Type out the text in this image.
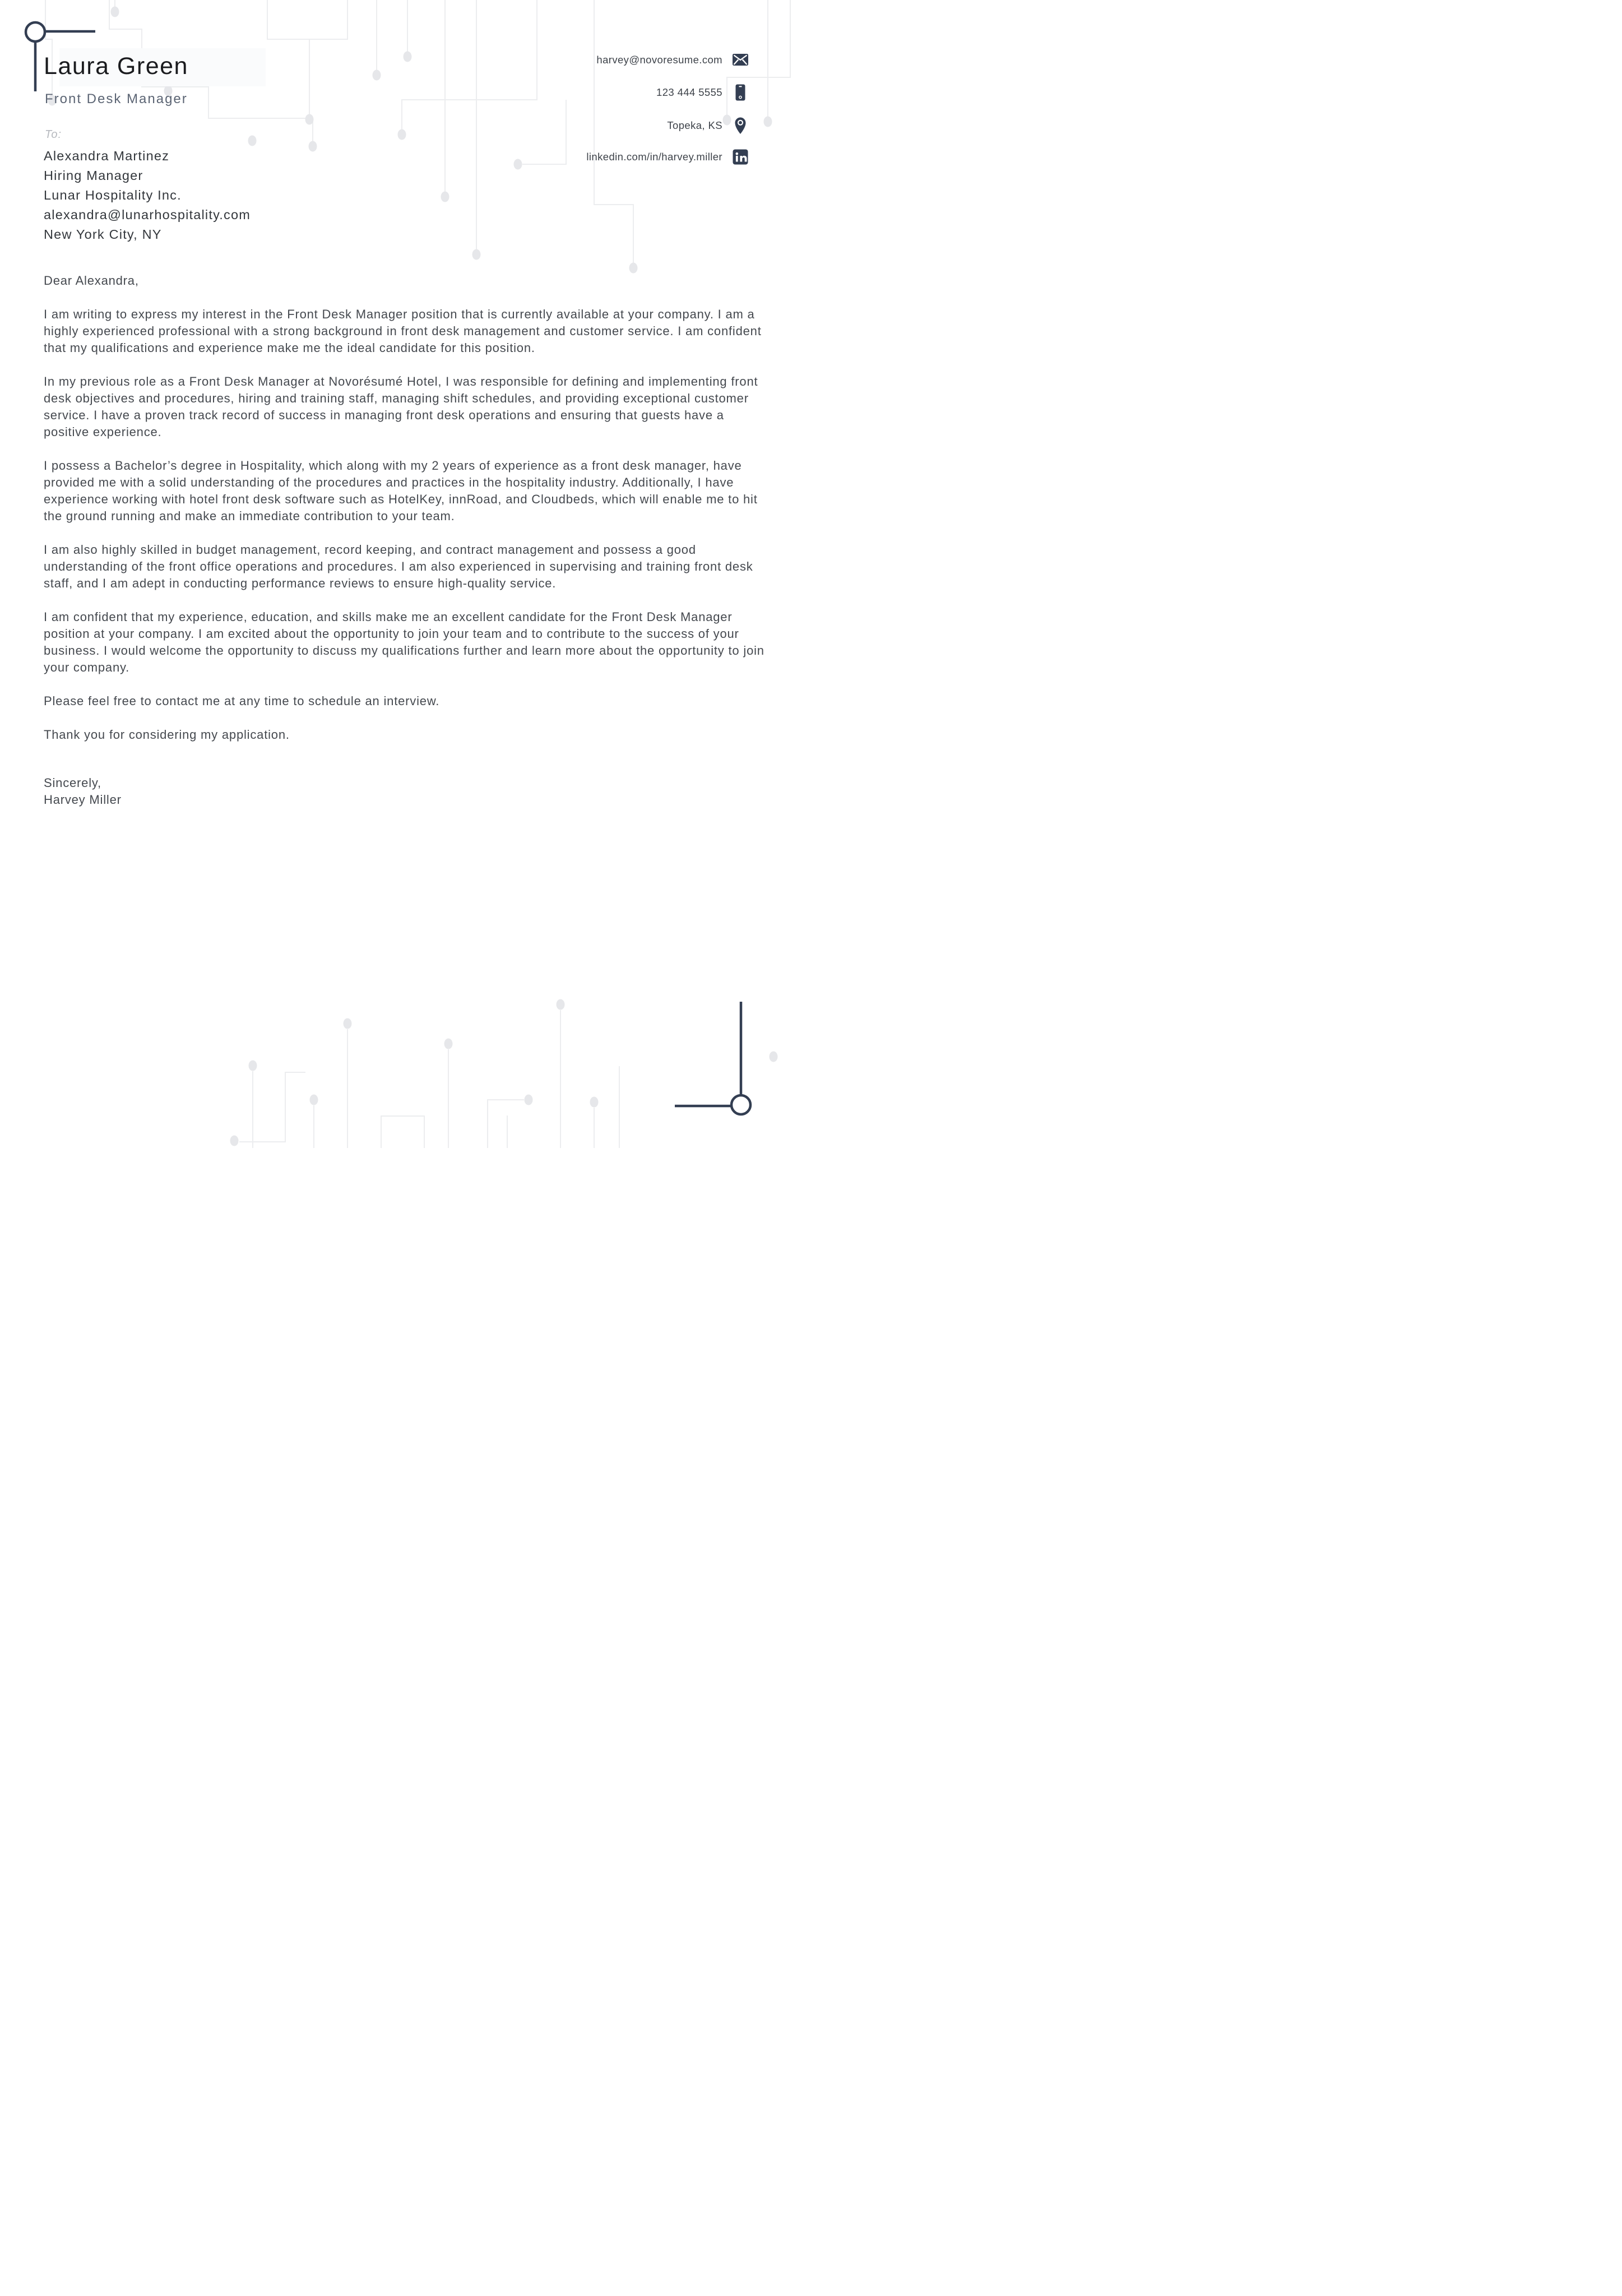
Laura Green
Front Desk Manager
harvey@novoresume.com
123 444 5555
Topeka, KS
linkedin.com/in/harvey.miller
To:
Alexandra Martinez
Hiring Manager
Lunar Hospitality Inc.
alexandra@lunarhospitality.com
New York City, NY

Dear Alexandra,

I am writing to express my interest in the Front Desk Manager position that is currently available at your company. I am a highly experienced professional with a strong background in front desk management and customer service. I am confident that my qualifications and experience make me the ideal candidate for this position.

In my previous role as a Front Desk Manager at Novorésumé Hotel, I was responsible for defining and implementing front desk objectives and procedures, hiring and training staff, managing shift schedules, and providing exceptional customer service. I have a proven track record of success in managing front desk operations and ensuring that guests have a positive experience.

I possess a Bachelor’s degree in Hospitality, which along with my 2 years of experience as a front desk manager, have provided me with a solid understanding of the procedures and practices in the hospitality industry. Additionally, I have experience working with hotel front desk software such as HotelKey, innRoad, and Cloudbeds, which will enable me to hit the ground running and make an immediate contribution to your team.

I am also highly skilled in budget management, record keeping, and contract management and possess a good understanding of the front office operations and procedures. I am also experienced in supervising and training front desk staff, and I am adept in conducting performance reviews to ensure high-quality service.

I am confident that my experience, education, and skills make me an excellent candidate for the Front Desk Manager position at your company. I am excited about the opportunity to join your team and to contribute to the success of your business. I would welcome the opportunity to discuss my qualifications further and learn more about the opportunity to join your company.

Please feel free to contact me at any time to schedule an interview.

Thank you for considering my application.

Sincerely,

Harvey Miller
